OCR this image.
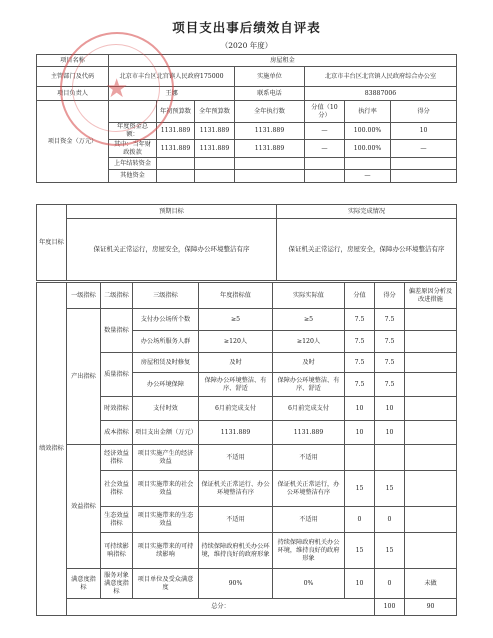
项目支出事后绩效自评表
（2020 年度）
项目名称	房屋租金						
主管部门及代码	北京市丰台区北宫镇人民政府175000			实施单位	北京市丰台区北宫镇人民政府综合办公室		
项目负责人	王娜			联系电话	83887006		
项目资金（万元）		年初预算数	全年预算数	全年执行数	分值（10分）	执行率	得分
	年度资金总额：	1131.889	1131.889	1131.889	—	100.00%	10
	其中：当年财政拨款	1131.889	1131.889	1131.889	—	100.00%	—
	上年结转资金						
	其他资金					—	
年度目标	预期目标	实际完成情况
	保证机关正常运行，房屋安全，保障办公环境整洁有序	保证机关正常运行，房屋安全，保障办公环境整洁有序
绩效指标	一级指标	二级指标	三级指标	年度指标值	实际实际值	分值	得分	偏差原因分析及改进措施	
	产出指标	数量指标	支付办公场所个数	≥5	≥5	7.5	7.5		
			办公场所服务人群	≥120人	≥120人	7.5	7.5		
		质量指标	房屋租赁及时修复	及时	及时	7.5	7.5		
			办公环境保障	保障办公环境整洁、有序、舒适	保障办公环境整洁、有序、舒适	7.5	7.5		
		时效指标	支付时效	6月前完成支付	6月前完成支付	10	10		
		成本指标	项目支出金额（万元）	1131.889	1131.889	10	10		
	效益指标	经济效益指标	项目实施产生的经济效益	不适用	不适用				
		社会效益指标	项目实施带来的社会效益	保证机关正常运行、办公环境整洁有序	保证机关正常运行，办公环境整洁有序	15	15		
		生态效益指标	项目实施带来的生态效益	不适用	不适用	0	0		
		可持续影响指标	项目实施带来的可持续影响	持续保障政府机关办公环境，维持良好的政府形象	持续保障政府机关办公环境，维持良好的政府形象	15	15		
	满意度指标	服务对象满意度指标	项目单位及受众满意度	90%	0%	10	0	未做	
	总分：						100	90	
★
